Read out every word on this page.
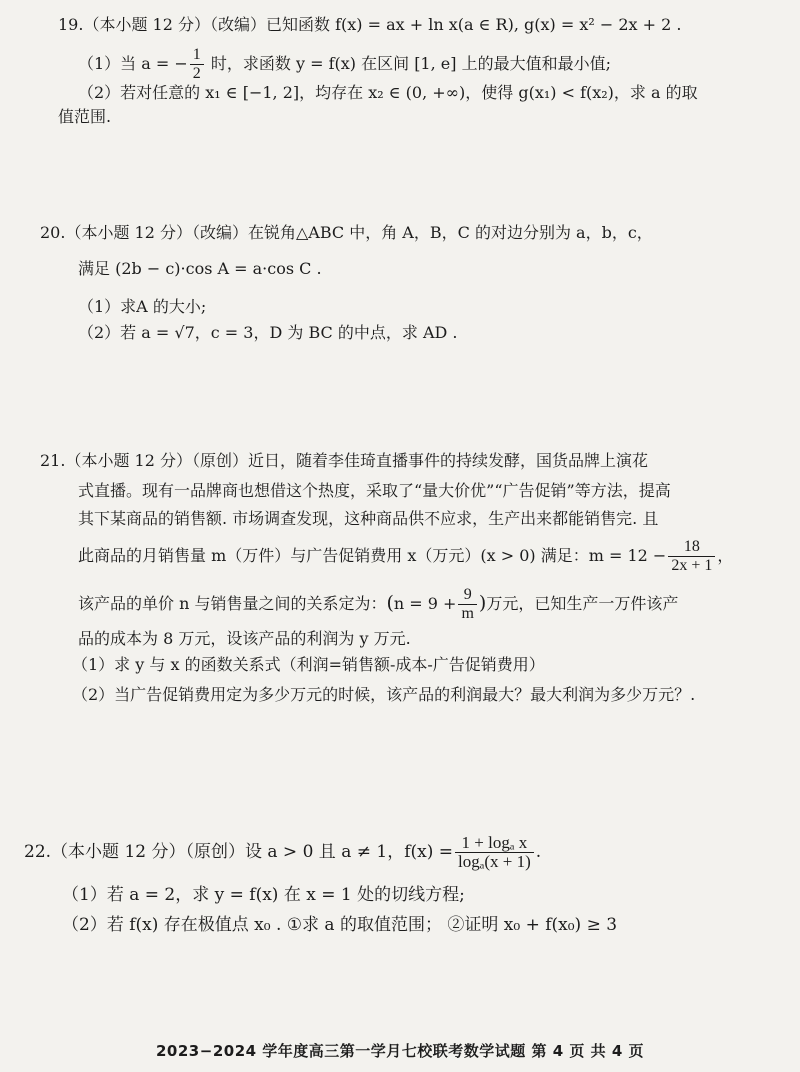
19.（本小题 12 分）（改编）已知函数 f(x) = ax + ln x(a ∈ R), g(x) = x² − 2x + 2 .
（1）当 a = − $\frac{1}{2}$ 时，求函数 y = f(x) 在区间 [1, e] 上的最大值和最小值;
（2）若对任意的 x₁ ∈ [−1, 2]，均存在 x₂ ∈ (0, +∞)，使得 g(x₁) < f(x₂)，求 a 的取
值范围.
20.（本小题 12 分）（改编）在锐角△ABC 中，角 A，B，C 的对边分别为 a，b，c，
满足 (2b − c)·cos A = a·cos C .
（1）求A 的大小;
（2）若 a = √7，c = 3，D 为 BC 的中点，求 AD .
21.（本小题 12 分）（原创）近日，随着李佳琦直播事件的持续发酵，国货品牌上演花
式直播。现有一品牌商也想借这个热度，采取了“量大价优”“广告促销”等方法，提高
其下某商品的销售额. 市场调查发现，这种商品供不应求，生产出来都能销售完. 且
此商品的月销售量 m（万件）与广告促销费用 x（万元）(x > 0) 满足：$m = 12 - \frac{18}{2x + 1}$ ，
该产品的单价 n 与销售量之间的关系定为：($n = 9 + \frac{9}{m}$ )万元，已知生产一万件该产
品的成本为 8 万元，设该产品的利润为 y 万元.
（1）求 y 与 x 的函数关系式（利润=销售额-成本-广告促销费用）
（2）当广告促销费用定为多少万元的时候，该产品的利润最大？最大利润为多少万元？.
22.（本小题 12 分）（原创）设 a > 0 且 a ≠ 1，$f(x) = \frac{\text{1 + logₐ x}}{\text{logₐ(x + 1)}}$ .
（1）若 a = 2，求 y = f(x) 在 x = 1 处的切线方程;
（2）若 f(x) 存在极值点 x₀ . ①求 a 的取值范围； ②证明 x₀ + f(x₀) ≥ 3
2023−2024 学年度高三第一学月七校联考数学试题 第 4 页 共 4 页
